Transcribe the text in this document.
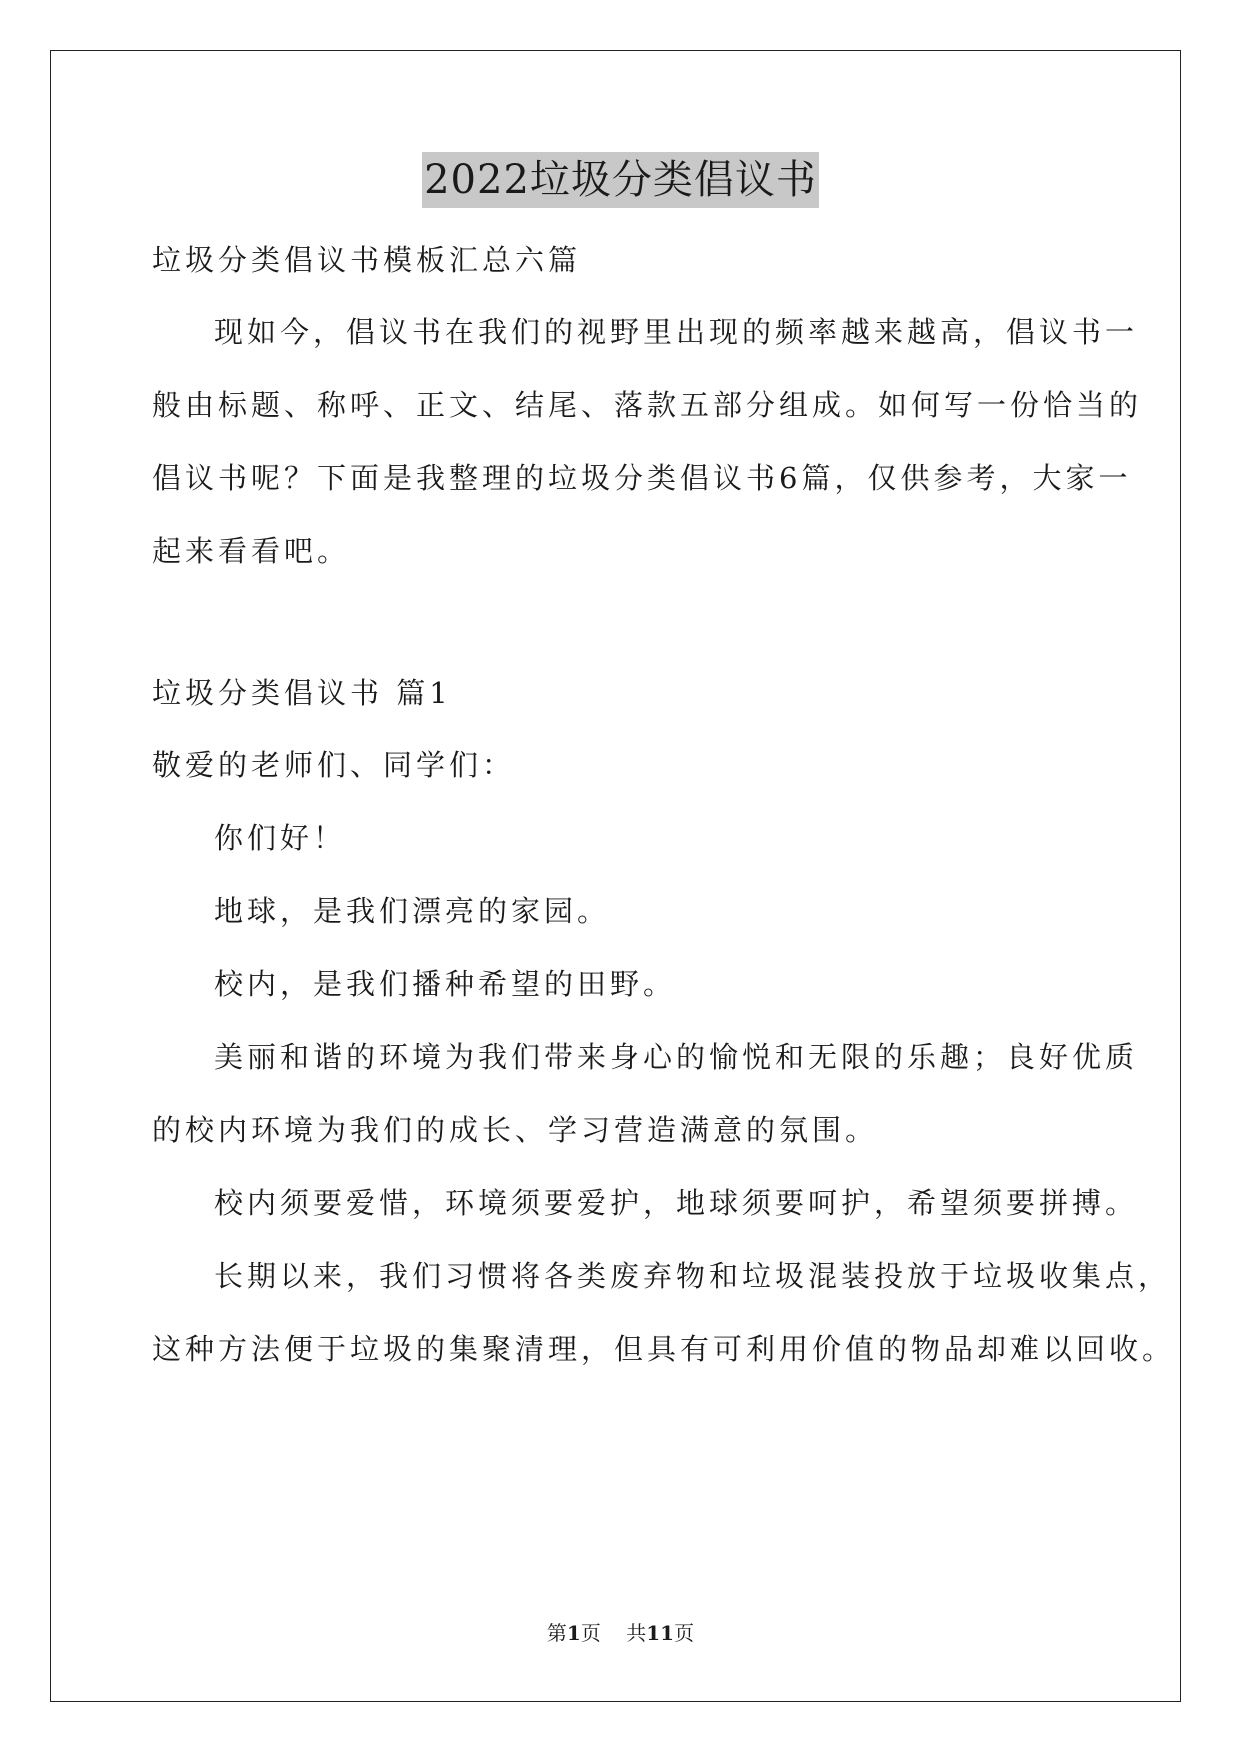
2022垃圾分类倡议书
垃圾分类倡议书模板汇总六篇
现如今，倡议书在我们的视野里出现的频率越来越高，倡议书一
般由标题、称呼、正文、结尾、落款五部分组成。如何写一份恰当的
倡议书呢？下面是我整理的垃圾分类倡议书6篇，仅供参考，大家一
起来看看吧。
垃圾分类倡议书 篇1
敬爱的老师们、同学们：
你们好！
地球，是我们漂亮的家园。
校内，是我们播种希望的田野。
美丽和谐的环境为我们带来身心的愉悦和无限的乐趣；良好优质
的校内环境为我们的成长、学习营造满意的氛围。
校内须要爱惜，环境须要爱护，地球须要呵护，希望须要拼搏。
长期以来，我们习惯将各类废弃物和垃圾混装投放于垃圾收集点，
这种方法便于垃圾的集聚清理，但具有可利用价值的物品却难以回收。
第1页 共11页
